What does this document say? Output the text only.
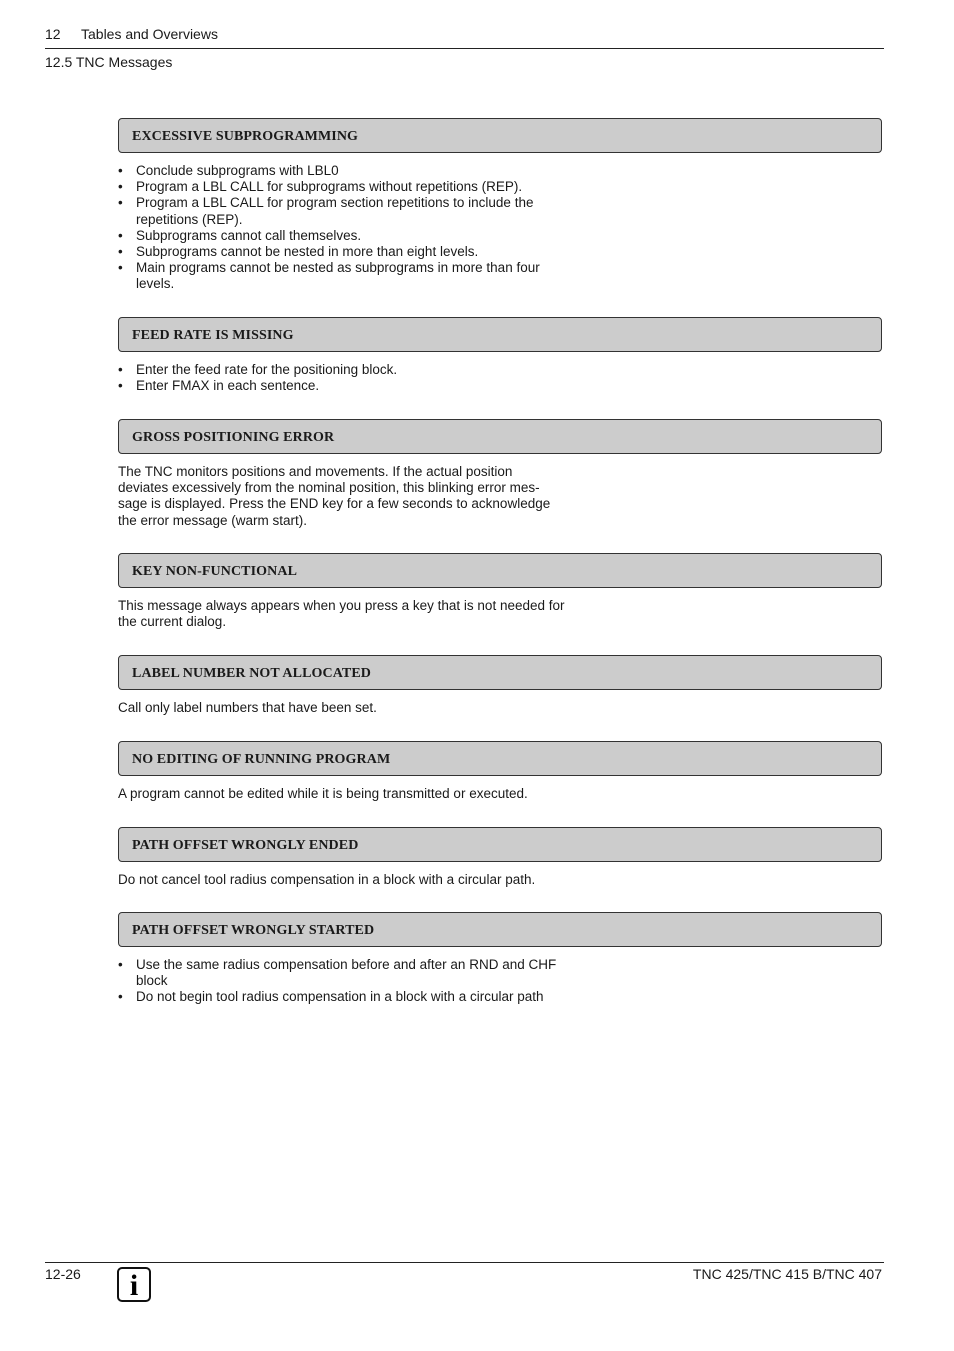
12 Tables and Overviews
12.5 TNC Messages
EXCESSIVE SUBPROGRAMMING
• Conclude subprograms with LBL0
• Program a LBL CALL for subprograms without repetitions (REP).
• Program a LBL CALL for program section repetitions to include the
repetitions (REP).
• Subprograms cannot call themselves.
• Subprograms cannot be nested in more than eight levels.
• Main programs cannot be nested as subprograms in more than four
levels.
FEED RATE IS MISSING
• Enter the feed rate for the positioning block.
• Enter FMAX in each sentence.
GROSS POSITIONING ERROR
The TNC monitors positions and movements. If the actual position
deviates excessively from the nominal position, this blinking error mes-
sage is displayed. Press the END key for a few seconds to acknowledge
the error message (warm start).
KEY NON-FUNCTIONAL
This message always appears when you press a key that is not needed for
the current dialog.
LABEL NUMBER NOT ALLOCATED
Call only label numbers that have been set.
NO EDITING OF RUNNING PROGRAM
A program cannot be edited while it is being transmitted or executed.
PATH OFFSET WRONGLY ENDED
Do not cancel tool radius compensation in a block with a circular path.
PATH OFFSET WRONGLY STARTED
• Use the same radius compensation before and after an RND and CHF
block
• Do not begin tool radius compensation in a block with a circular path
12-26	i	TNC 425/TNC 415 B/TNC 407
